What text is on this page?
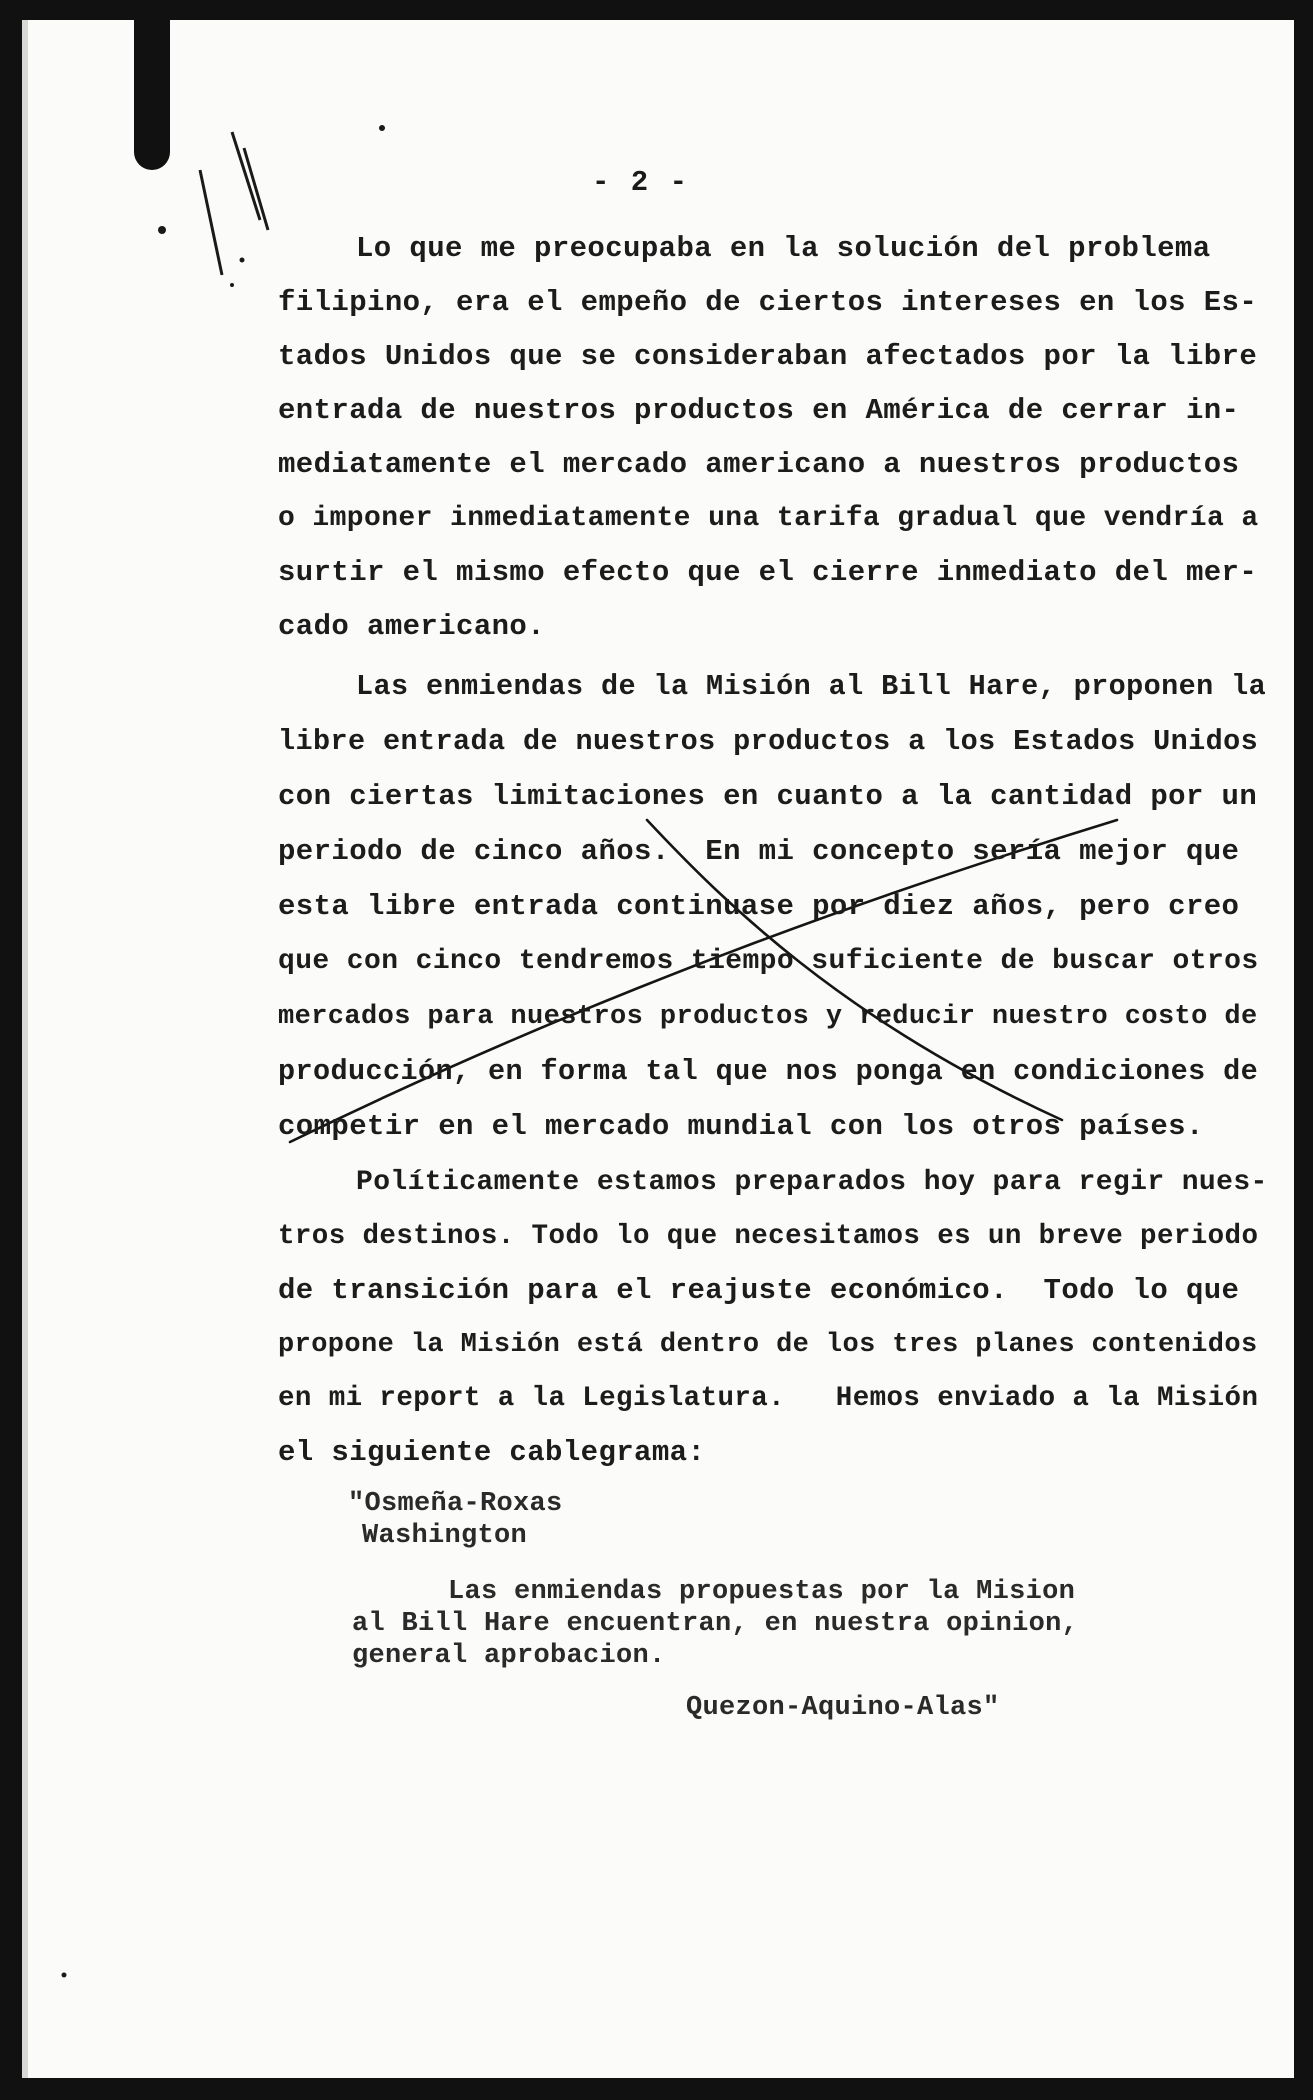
- 2 -
Lo que me preocupaba en la solución del problema
filipino, era el empeño de ciertos intereses en los Es-
tados Unidos que se consideraban afectados por la libre
entrada de nuestros productos en América de cerrar in-
mediatamente el mercado americano a nuestros productos
o imponer inmediatamente una tarifa gradual que vendría a
surtir el mismo efecto que el cierre inmediato del mer-
cado americano.
Las enmiendas de la Misión al Bill Hare, proponen la
libre entrada de nuestros productos a los Estados Unidos
con ciertas limitaciones en cuanto a la cantidad por un
periodo de cinco años.  En mi concepto sería mejor que
esta libre entrada continuase por diez años, pero creo
que con cinco tendremos tiempo suficiente de buscar otros
mercados para nuestros productos y reducir nuestro costo de
producción, en forma tal que nos ponga en condiciones de
competir en el mercado mundial con los otros países.
Políticamente estamos preparados hoy para regir nues-
tros destinos. Todo lo que necesitamos es un breve periodo
de transición para el reajuste económico.  Todo lo que
propone la Misión está dentro de los tres planes contenidos
en mi report a la Legislatura.   Hemos enviado a la Misión
el siguiente cablegrama:
"Osmeña-Roxas
Washington
Las enmiendas propuestas por la Mision
al Bill Hare encuentran, en nuestra opinion,
general aprobacion.
Quezon-Aquino-Alas"
